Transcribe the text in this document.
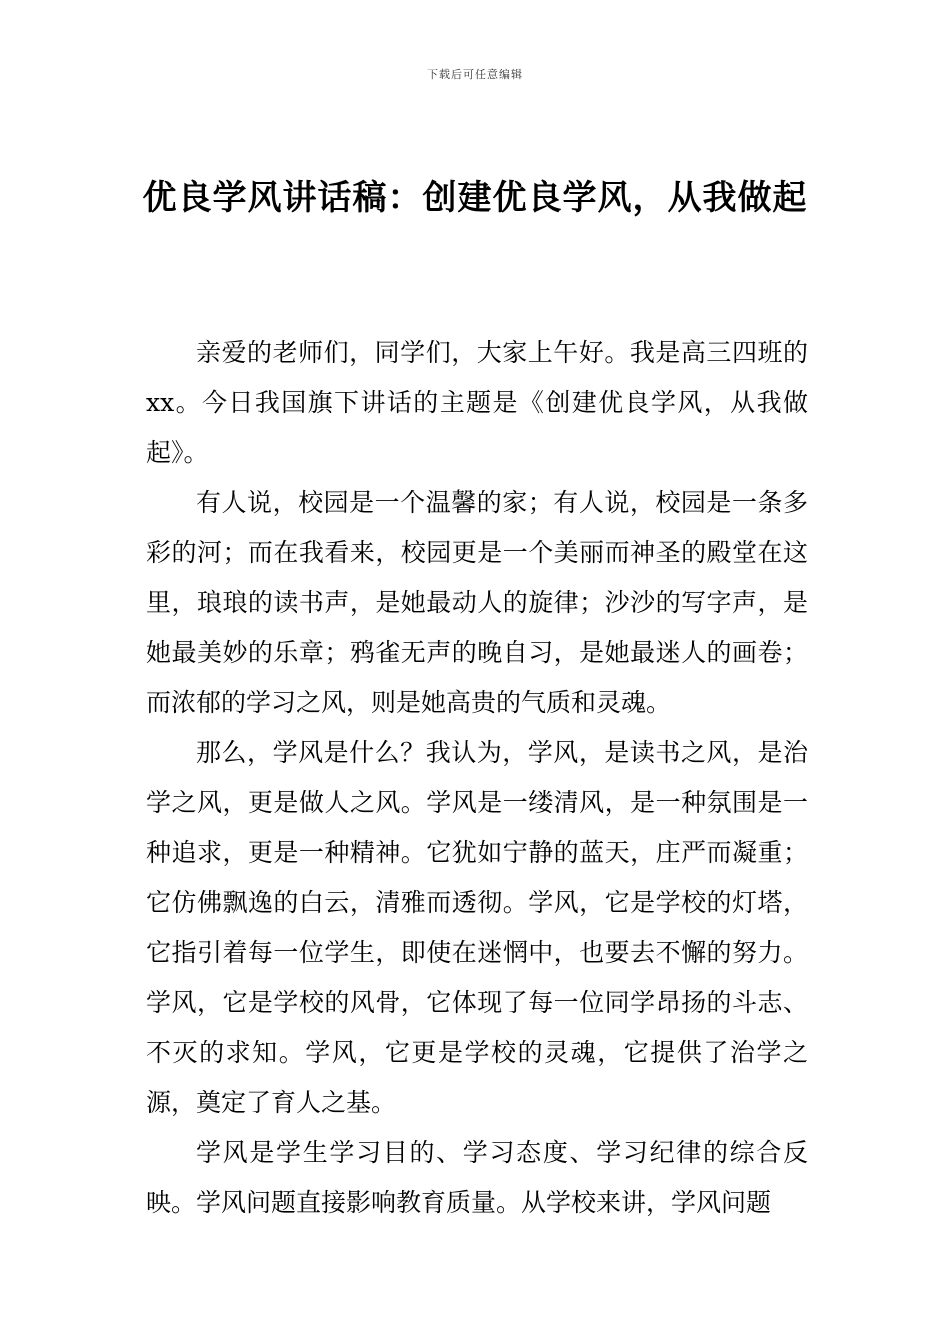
下载后可任意编辑
优良学风讲话稿：创建优良学风，从我做起

亲爱的老师们，同学们，大家上午好。我是高三四班的xx。今日我国旗下讲话的主题是《创建优良学风，从我做起》。

有人说，校园是一个温馨的家；有人说，校园是一条多彩的河；而在我看来，校园更是一个美丽而神圣的殿堂在这里，琅琅的读书声，是她最动人的旋律；沙沙的写字声，是她最美妙的乐章；鸦雀无声的晚自习，是她最迷人的画卷；而浓郁的学习之风，则是她高贵的气质和灵魂。

那么，学风是什么？我认为，学风，是读书之风，是治学之风，更是做人之风。学风是一缕清风，是一种氛围是一种追求，更是一种精神。它犹如宁静的蓝天，庄严而凝重；它仿佛飘逸的白云，清雅而透彻。学风，它是学校的灯塔，它指引着每一位学生，即使在迷惘中，也要去不懈的努力。学风，它是学校的风骨，它体现了每一位同学昂扬的斗志、不灭的求知。学风，它更是学校的灵魂，它提供了治学之源，奠定了育人之基。

学风是学生学习目的、学习态度、学习纪律的综合反映。学风问题直接影响教育质量。从学校来讲，学风问题
